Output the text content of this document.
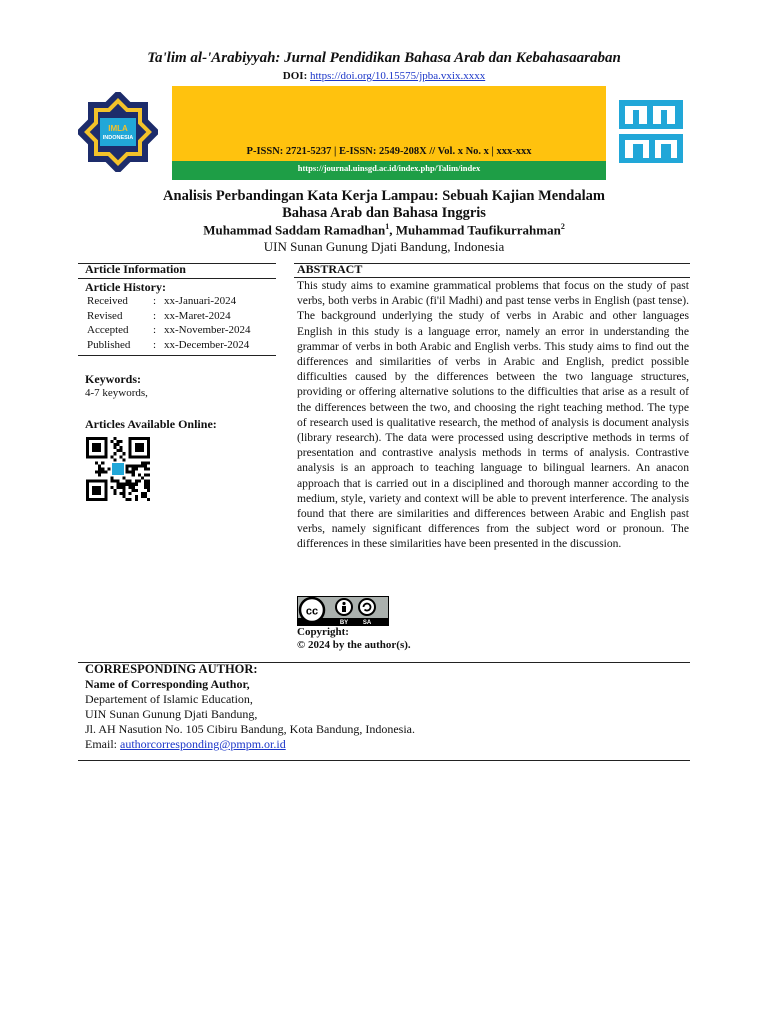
Ta'lim al-'Arabiyyah: Jurnal Pendidikan Bahasa Arab dan Kebahasaaraban
DOI: https://doi.org/10.15575/jpba.vxix.xxxx
IMLA
INDONESIA
P-ISSN: 2721-5237 | E-ISSN: 2549-208X // Vol. x No. x | xxx-xxx
https://journal.uinsgd.ac.id/index.php/Talim/index
Analisis Perbandingan Kata Kerja Lampau: Sebuah Kajian Mendalam
Bahasa Arab dan Bahasa Inggris
Muhammad Saddam Ramadhan$^1$, Muhammad Taufikurrahman$^2$
UIN Sunan Gunung Djati Bandung, Indonesia
Article Information
Article History:
Received	: xx-Januari-2024
Revised	: xx-Maret-2024
Accepted	: xx-November-2024
Published	: xx-December-2024
Keywords:
4-7 keywords,
Articles Available Online:
ABSTRACT
This study aims to examine grammatical problems that focus on the study of past verbs, both verbs in Arabic (fi'il Madhi) and past tense verbs in English (past tense). The background underlying the study of verbs in Arabic and other languages English in this study is a language error, namely an error in understanding the grammar of verbs in both Arabic and English verbs. This study aims to find out the differences and similarities of verbs in Arabic and English, predict possible difficulties caused by the differences between the two language structures, providing or offering alternative solutions to the difficulties that arise as a result of the differences between the two, and choosing the right teaching method. The type of research used is qualitative research, the method of analysis is document analysis (library research). The data were processed using descriptive methods in terms of presentation and contrastive analysis methods in terms of analysis. Contrastive analysis is an approach to teaching language to bilingual learners. An anacon approach that is carried out in a disciplined and thorough manner according to the medium, style, variety and context will be able to prevent interference. The analysis found that there are similarities and differences between Arabic and English past verbs, namely significant differences from the subject word or pronoun. The differences in these similarities have been presented in the discussion.
cc
BY SA
Copyright:
© 2024 by the author(s).
CORRESPONDING AUTHOR:
Name of Corresponding Author,
Departement of Islamic Education,
UIN Sunan Gunung Djati Bandung,
Jl. AH Nasution No. 105 Cibiru Bandung, Kota Bandung, Indonesia.
Email: authorcorresponding@pmpm.or.id
